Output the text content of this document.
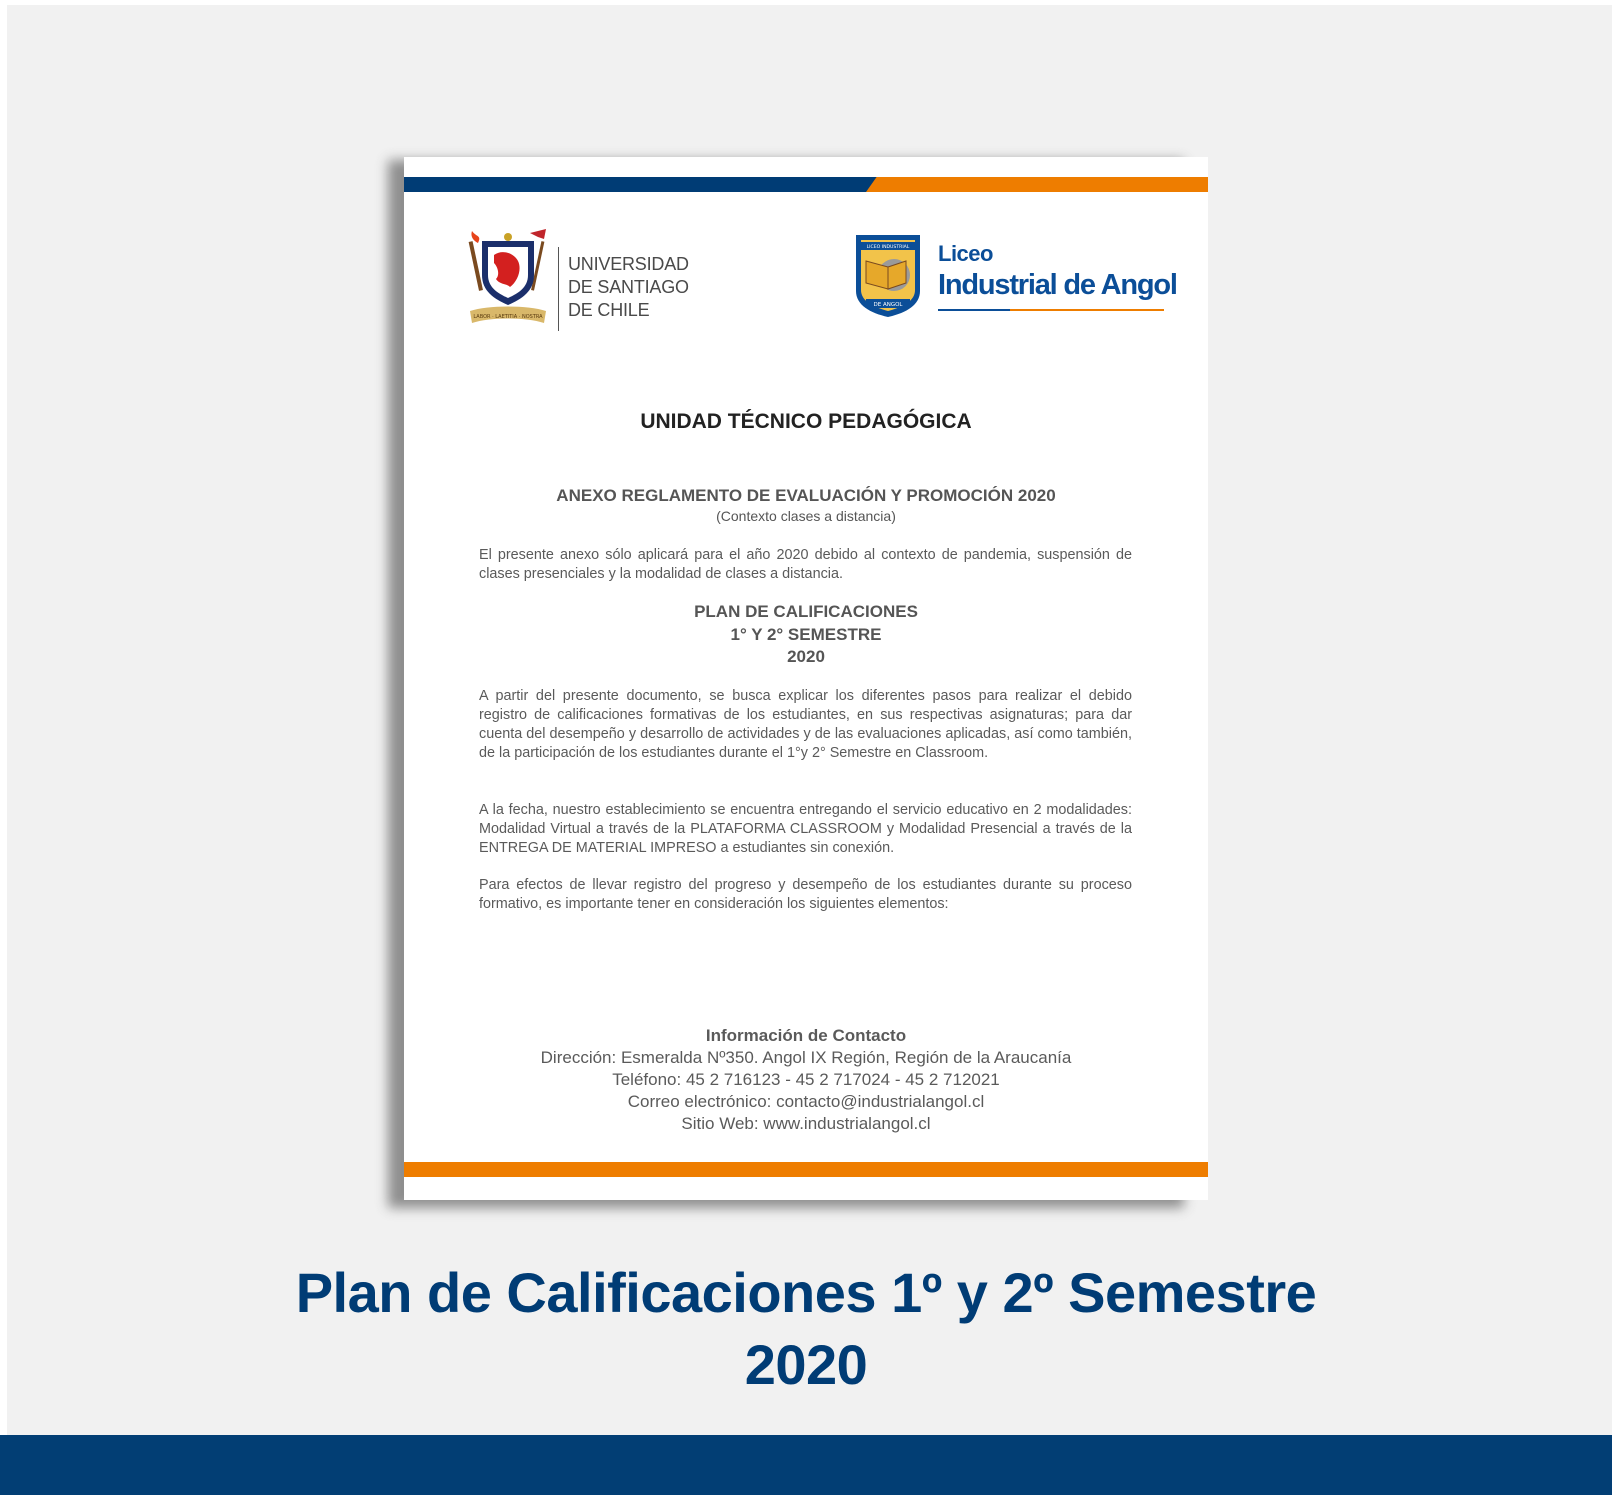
LABOR · LAETITIA · NOSTRA
UNIVERSIDAD
DE SANTIAGO
DE CHILE
LICEO INDUSTRIAL
DE ANGOL
Liceo
Industrial de Angol
UNIDAD TÉCNICO PEDAGÓGICA
ANEXO REGLAMENTO DE EVALUACIÓN Y PROMOCIÓN 2020
(Contexto clases a distancia)
El presente anexo sólo aplicará para el año 2020 debido al contexto de pandemia, suspensión de clases presenciales y la modalidad de clases a distancia.
PLAN DE CALIFICACIONES
1° Y 2° SEMESTRE
2020
A partir del presente documento, se busca explicar los diferentes pasos para realizar el debido registro de calificaciones formativas de los estudiantes, en sus respectivas asignaturas; para dar cuenta del desempeño y desarrollo de actividades y de las evaluaciones aplicadas, así como también, de la participación de los estudiantes durante el 1°y 2° Semestre en Classroom.
A la fecha, nuestro establecimiento se encuentra entregando el servicio educativo en 2 modalidades: Modalidad Virtual a través de la PLATAFORMA CLASSROOM y Modalidad Presencial a través de la ENTREGA DE MATERIAL IMPRESO a estudiantes sin conexión.
Para efectos de llevar registro del progreso y desempeño de los estudiantes durante su proceso formativo, es importante tener en consideración los siguientes elementos:
Información de Contacto
Dirección: Esmeralda Nº350. Angol IX Región, Región de la Araucanía
Teléfono: 45 2 716123 - 45 2 717024 - 45 2 712021
Correo electrónico: contacto@industrialangol.cl
Sitio Web: www.industrialangol.cl
Plan de Calificaciones 1º y 2º Semestre
2020
